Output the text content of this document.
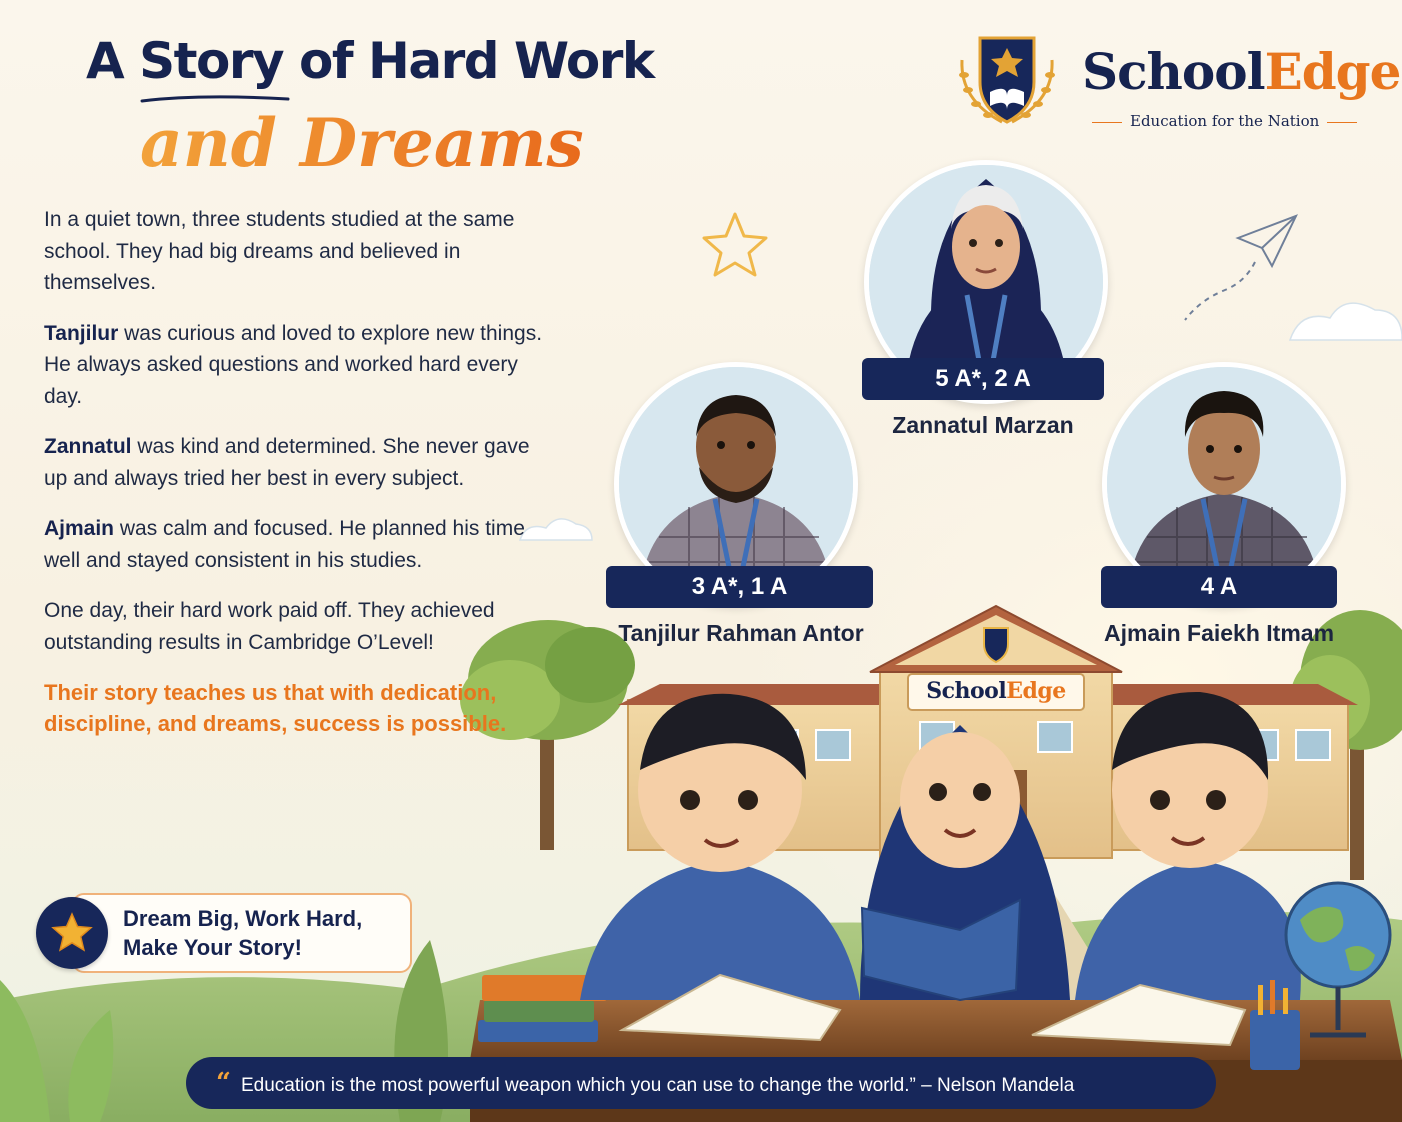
A Story of Hard Work
and Dreams
SchoolEdge
Education for the Nation

In a quiet town, three students studied at the same school. They had big dreams and believed in themselves.

Tanjilur was curious and loved to explore new things. He always asked questions and worked hard every day.

Zannatul was kind and determined. She never gave up and always tried her best in every subject.

Ajmain was calm and focused. He planned his time well and stayed consistent in his studies.

One day, their hard work paid off. They achieved outstanding results in Cambridge O’Level!

Their story teaches us that with dedication, discipline, and dreams, success is possible.

Dream Big, Work Hard,
Make Your Story!
5 A*, 2 A
Zannatul Marzan
3 A*, 1 A
Tanjilur Rahman Antor
4 A
Ajmain Faiekh Itmam
SchoolEdge
“ Education is the most powerful weapon which you can use to change the world.” – Nelson Mandela
